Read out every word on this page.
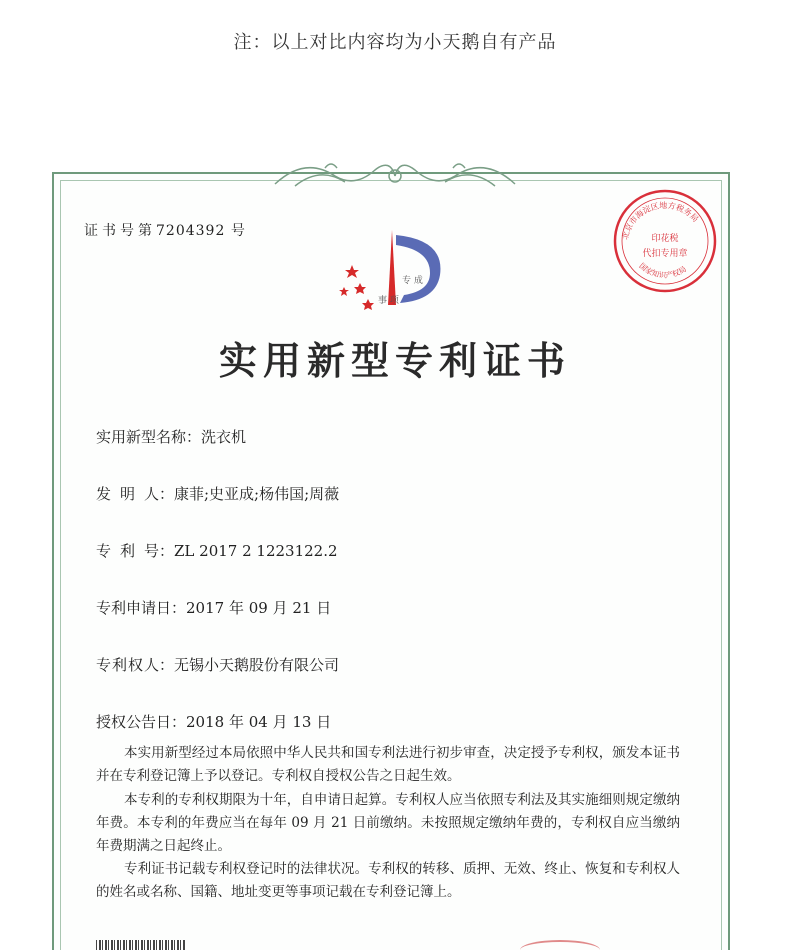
注：以上对比内容均为小天鹅自有产品
证书号第7204392 号
专 成
事 项
北京市海淀区地方税务局
印花税
代扣专用章
国家知识产权局
实用新型专利证书
实用新型名称：洗衣机
发 明 人： 康菲;史亚成;杨伟国;周薇
专 利 号： ZL 2017 2 1223122.2
专利申请日：2017 年 09 月 21 日
专 利 权 人： 无锡小天鹅股份有限公司
授权公告日：2018 年 04 月 13 日
本实用新型经过本局依照中华人民共和国专利法进行初步审查，决定授予专利权，颁发本证书并在专利登记簿上予以登记。专利权自授权公告之日起生效。
本专利的专利权期限为十年，自申请日起算。专利权人应当依照专利法及其实施细则规定缴纳年费。本专利的年费应当在每年 09 月 21 日前缴纳。未按照规定缴纳年费的，专利权自应当缴纳年费期满之日起终止。
专利证书记载专利权登记时的法律状况。专利权的转移、质押、无效、终止、恢复和专利权人的姓名或名称、国籍、地址变更等事项记载在专利登记簿上。
